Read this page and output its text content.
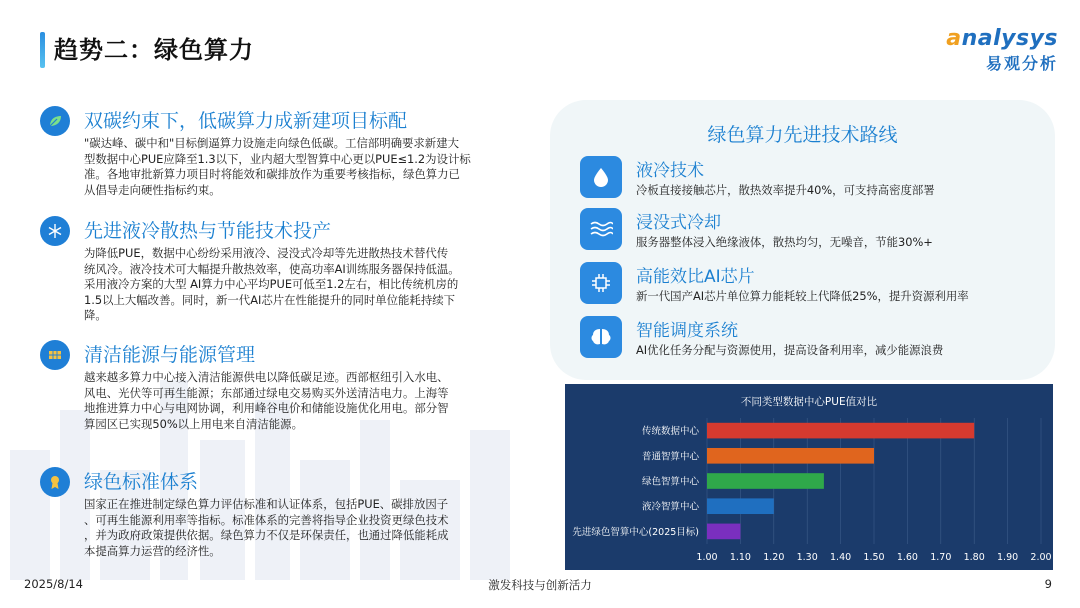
趋势二：绿色算力	analysys
易观分析
双碳约束下，低碳算力成新建项目标配
"碳达峰、碳中和"目标倒逼算力设施走向绿色低碳。工信部明确要求新建大
型数据中心PUE应降至1.3以下，业内超大型智算中心更以PUE≤1.2为设计标
准。各地审批新算力项目时将能效和碳排放作为重要考核指标，绿色算力已
从倡导走向硬性指标约束。
先进液冷散热与节能技术投产
为降低PUE，数据中心纷纷采用液冷、浸没式冷却等先进散热技术替代传
统风冷。液冷技术可大幅提升散热效率，使高功率AI训练服务器保持低温。
采用液冷方案的大型 AI算力中心平均PUE可低至1.2左右，相比传统机房的
1.5以上大幅改善。同时，新一代AI芯片在性能提升的同时单位能耗持续下
降。
清洁能源与能源管理
越来越多算力中心接入清洁能源供电以降低碳足迹。西部枢纽引入水电、
风电、光伏等可再生能源；东部通过绿电交易购买外送清洁电力。上海等
地推进算力中心与电网协调，利用峰谷电价和储能设施优化用电。部分智
算园区已实现50%以上用电来自清洁能源。
绿色标准体系
国家正在推进制定绿色算力评估标准和认证体系，包括PUE、碳排放因子
、可再生能源利用率等指标。标准体系的完善将指导企业投资更绿色技术
，并为政府政策提供依据。绿色算力不仅是环保责任，也通过降低能耗成
本提高算力运营的经济性。
绿色算力先进技术路线
液冷技术
冷板直接接触芯片，散热效率提升40%，可支持高密度部署
浸没式冷却
服务器整体浸入绝缘液体，散热均匀，无噪音，节能30%+
高能效比AI芯片
新一代国产AI芯片单位算力能耗较上代降低25%，提升资源利用率
智能调度系统
AI优化任务分配与资源使用，提高设备利用率，减少能源浪费
不同类型数据中心PUE值对比
1.00 1.10 1.20 1.30 1.40 1.50 1.60 1.70 1.80 1.90 2.00
传统数据中心
普通智算中心
绿色智算中心
液冷智算中心
先进绿色智算中心(2025目标)
2025/8/14	激发科技与创新活力	9
